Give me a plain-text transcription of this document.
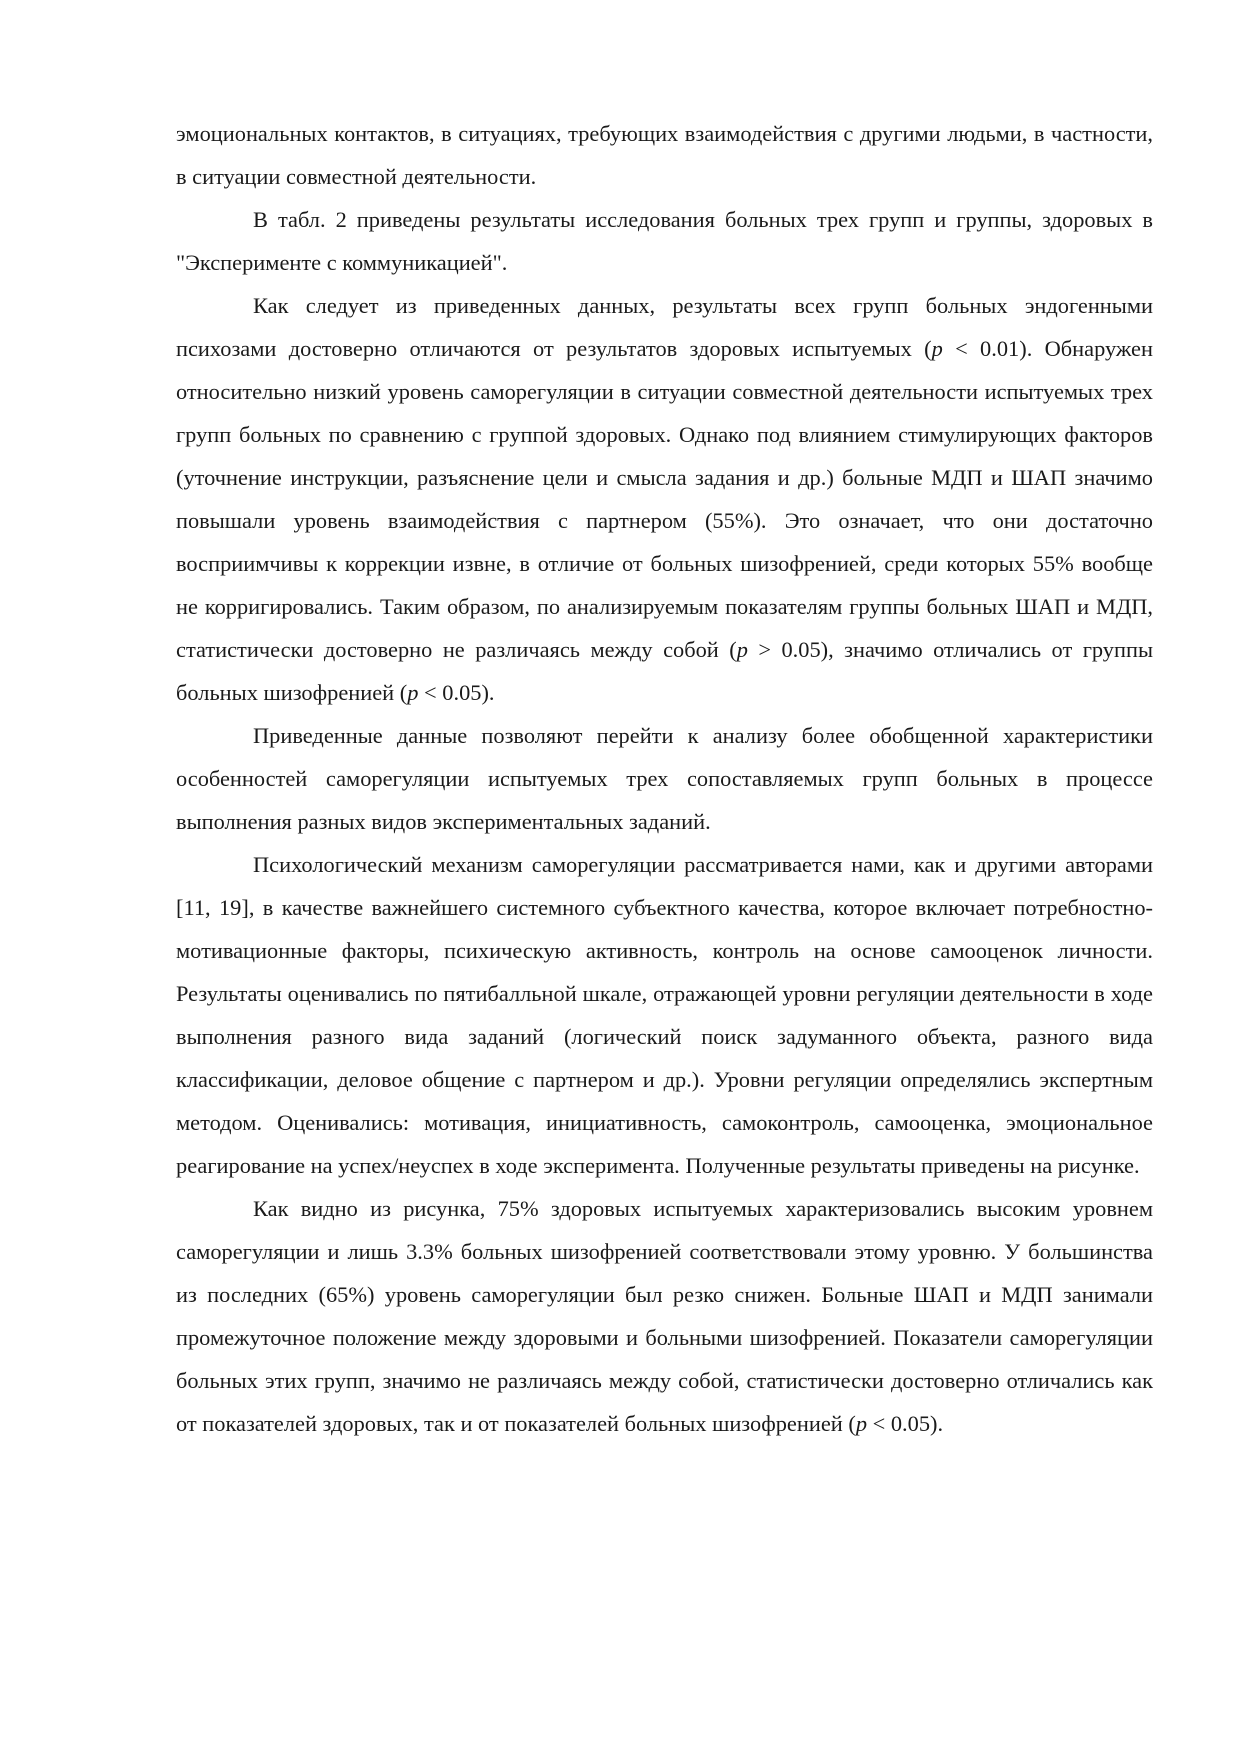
эмоциональных контактов, в ситуациях, требующих взаимодействия с другими людьми, в частности, в ситуации совместной деятельности.

В табл. 2 приведены результаты исследования больных трех групп и группы, здоровых в "Эксперименте с коммуникацией".

Как следует из приведенных данных, результаты всех групп больных эндогенными психозами достоверно отличаются от результатов здоровых испытуемых (p < 0.01). Обнаружен относительно низкий уровень саморегуляции в ситуации совместной деятельности испытуемых трех групп больных по сравнению с группой здоровых. Однако под влиянием стимулирующих факторов (уточнение инструкции, разъяснение цели и смысла задания и др.) больные МДП и ШАП значимо повышали уровень взаимодействия с партнером (55%). Это означает, что они достаточно восприимчивы к коррекции извне, в отличие от больных шизофренией, среди которых 55% вообще не корригировались. Таким образом, по анализируемым показателям группы больных ШАП и МДП, статистически достоверно не различаясь между собой (p > 0.05), значимо отличались от группы больных шизофренией (p < 0.05).

Приведенные данные позволяют перейти к анализу более обобщенной характеристики особенностей саморегуляции испытуемых трех сопоставляемых групп больных в процессе выполнения разных видов экспериментальных заданий.

Психологический механизм саморегуляции рассматривается нами, как и другими авторами [11, 19], в качестве важнейшего системного субъектного качества, которое включает потребностно-мотивационные факторы, психическую активность, контроль на основе самооценок личности. Результаты оценивались по пятибалльной шкале, отражающей уровни регуляции деятельности в ходе выполнения разного вида заданий (логический поиск задуманного объекта, разного вида классификации, деловое общение с партнером и др.). Уровни регуляции определялись экспертным методом. Оценивались: мотивация, инициативность, самоконтроль, самооценка, эмоциональное реагирование на успех/неуспех в ходе эксперимента. Полученные результаты приведены на рисунке.

Как видно из рисунка, 75% здоровых испытуемых характеризовались высоким уровнем саморегуляции и лишь 3.3% больных шизофренией соответствовали этому уровню. У большинства из последних (65%) уровень саморегуляции был резко снижен. Больные ШАП и МДП занимали промежуточное положение между здоровыми и больными шизофренией. Показатели саморегуляции больных этих групп, значимо не различаясь между собой, статистически достоверно отличались как от показателей здоровых, так и от показателей больных шизофренией (p < 0.05).
